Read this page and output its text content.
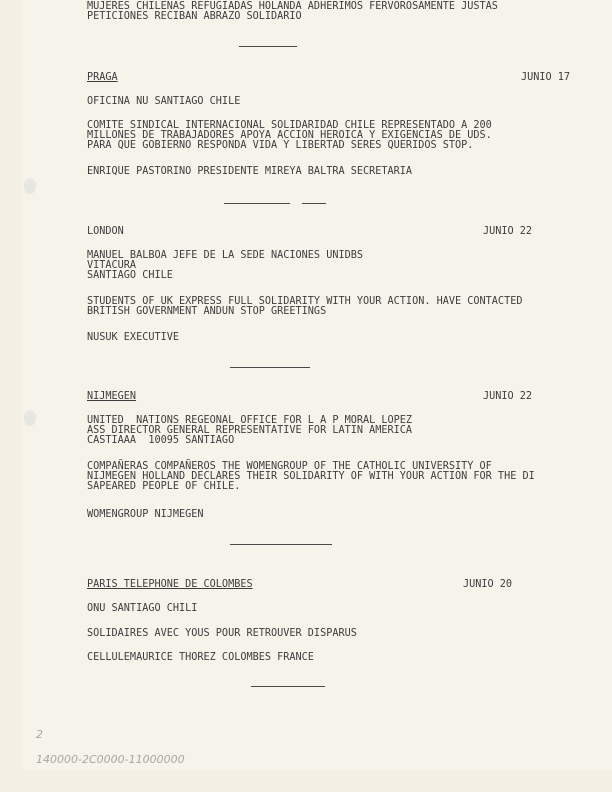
MUJERES CHILENAS REFUGIADAS HOLANDA ADHERIMOS FERVOROSAMENTE JUSTAS
PETICIONES RECIBAN ABRAZO SOLIDARIO
PRAGA	JUNIO 17
OFICINA NU SANTIAGO CHILE
COMITE SINDICAL INTERNACIONAL SOLIDARIDAD CHILE REPRESENTADO A 200
MILLONES DE TRABAJADORES APOYA ACCION HEROICA Y EXIGENCIAS DE UDS.
PARA QUE GOBIERNO RESPONDA VIDA Y LIBERTAD SERES QUERIDOS STOP.
ENRIQUE PASTORINO PRESIDENTE MIREYA BALTRA SECRETARIA
LONDON	JUNIO 22
MANUEL BALBOA JEFE DE LA SEDE NACIONES UNIDBS
VITACURA
SANTIAGO CHILE
STUDENTS OF UK EXPRESS FULL SOLIDARITY WITH YOUR ACTION. HAVE CONTACTED
BRITISH GOVERNMENT ANDUN STOP GREETINGS
NUSUK EXECUTIVE
NIJMEGEN	JUNIO 22
UNITED  NATIONS REGEONAL OFFICE FOR L A P MORAL LOPEZ
ASS DIRECTOR GENERAL REPRESENTATIVE FOR LATIN AMERICA
CASTIAAA  10095 SANTIAGO
COMPAÑERAS COMPAÑEROS THE WOMENGROUP OF THE CATHOLIC UNIVERSITY OF
NIJMEGEN HOLLAND DECLARES THEIR SOLIDARITY OF WITH YOUR ACTION FOR THE DI
SAPEARED PEOPLE OF CHILE.
WOMENGROUP NIJMEGEN
PARIS TELEPHONE DE COLOMBES	JUNIO 20
ONU SANTIAGO CHILI
SOLIDAIRES AVEC YOUS POUR RETROUVER DISPARUS
CELLULEMAURICE THOREZ COLOMBES FRANCE
2
140000-2C0000-11000000
